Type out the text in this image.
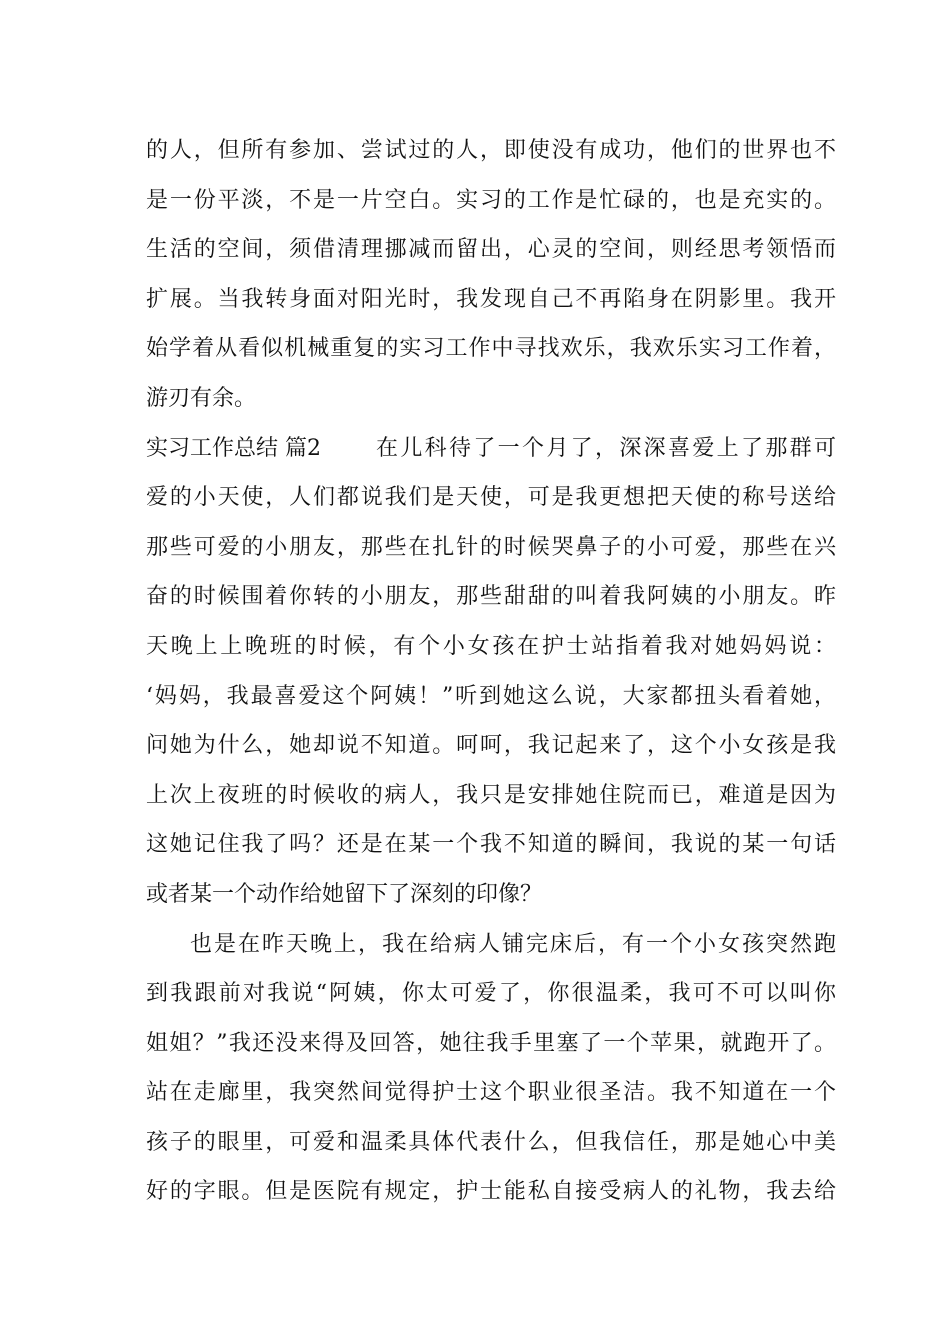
的人，但所有参加、尝试过的人，即使没有成功，他们的世界也不
是一份平淡，不是一片空白。实习的工作是忙碌的，也是充实的。
生活的空间，须借清理挪减而留出，心灵的空间，则经思考领悟而
扩展。当我转身面对阳光时，我发现自己不再陷身在阴影里。我开
始学着从看似机械重复的实习工作中寻找欢乐，我欢乐实习工作着，
游刃有余。
实习工作总结 篇2	在儿科待了一个月了，深深喜爱上了那群可
爱的小天使，人们都说我们是天使，可是我更想把天使的称号送给
那些可爱的小朋友，那些在扎针的时候哭鼻子的小可爱，那些在兴
奋的时候围着你转的小朋友，那些甜甜的叫着我阿姨的小朋友。昨
天晚上上晚班的时候，有个小女孩在护士站指着我对她妈妈说：
‘妈妈，我最喜爱这个阿姨！”听到她这么说，大家都扭头看着她，
问她为什么，她却说不知道。呵呵，我记起来了，这个小女孩是我
上次上夜班的时候收的病人，我只是安排她住院而已，难道是因为
这她记住我了吗？还是在某一个我不知道的瞬间，我说的某一句话
或者某一个动作给她留下了深刻的印像？
也是在昨天晚上，我在给病人铺完床后，有一个小女孩突然跑
到我跟前对我说“阿姨，你太可爱了，你很温柔，我可不可以叫你
姐姐？”我还没来得及回答，她往我手里塞了一个苹果，就跑开了。
站在走廊里，我突然间觉得护士这个职业很圣洁。我不知道在一个
孩子的眼里，可爱和温柔具体代表什么，但我信任，那是她心中美
好的字眼。但是医院有规定，护士能私自接受病人的礼物，我去给
